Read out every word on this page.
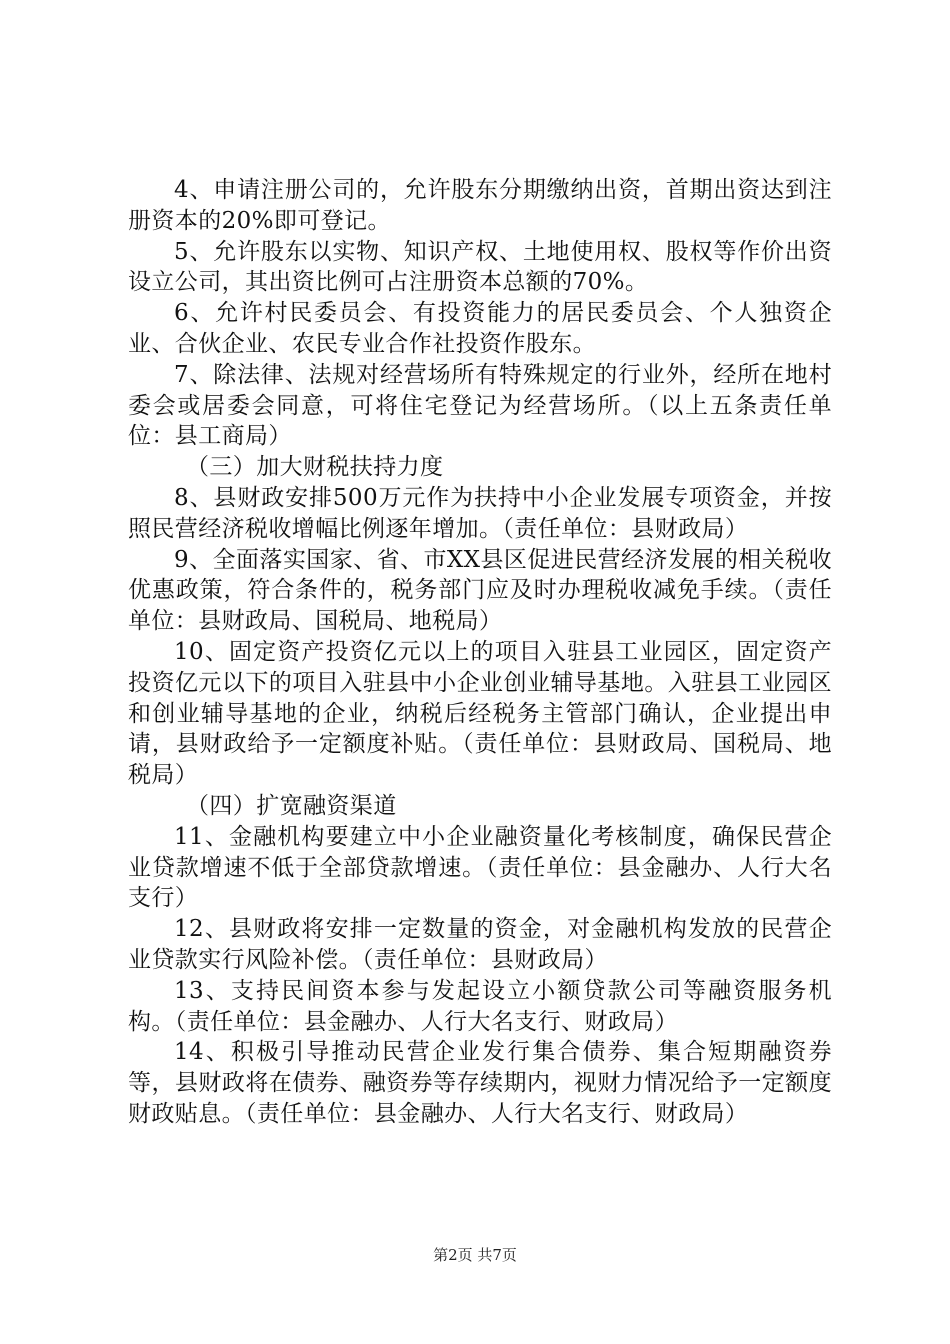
4、申请注册公司的，允许股东分期缴纳出资，首期出资达到注册资本的20%即可登记。

5、允许股东以实物、知识产权、土地使用权、股权等作价出资设立公司，其出资比例可占注册资本总额的70%。

6、允许村民委员会、有投资能力的居民委员会、个人独资企业、合伙企业、农民专业合作社投资作股东。

7、除法律、法规对经营场所有特殊规定的行业外，经所在地村委会或居委会同意，可将住宅登记为经营场所。（以上五条责任单位：县工商局）

（三）加大财税扶持力度

8、县财政安排500万元作为扶持中小企业发展专项资金，并按照民营经济税收增幅比例逐年增加。（责任单位：县财政局）

9、全面落实国家、省、市XX县区促进民营经济发展的相关税收优惠政策，符合条件的，税务部门应及时办理税收减免手续。（责任单位：县财政局、国税局、地税局）

10、固定资产投资亿元以上的项目入驻县工业园区，固定资产投资亿元以下的项目入驻县中小企业创业辅导基地。入驻县工业园区和创业辅导基地的企业，纳税后经税务主管部门确认，企业提出申请，县财政给予一定额度补贴。（责任单位：县财政局、国税局、地税局）

（四）扩宽融资渠道

11、金融机构要建立中小企业融资量化考核制度，确保民营企业贷款增速不低于全部贷款增速。（责任单位：县金融办、人行大名支行）

12、县财政将安排一定数量的资金，对金融机构发放的民营企业贷款实行风险补偿。（责任单位：县财政局）

13、支持民间资本参与发起设立小额贷款公司等融资服务机构。（责任单位：县金融办、人行大名支行、财政局）

14、积极引导推动民营企业发行集合债券、集合短期融资券等，县财政将在债券、融资券等存续期内，视财力情况给予一定额度财政贴息。（责任单位：县金融办、人行大名支行、财政局）

第2页 共7页
